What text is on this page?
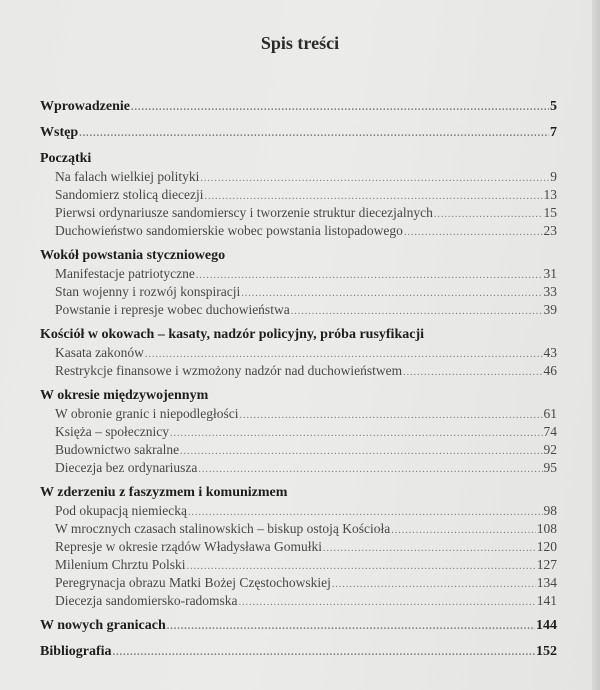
Spis treści
Wprowadzenie .....	5
Wstęp .....	7
Początki
Na falach wielkiej polityki .....	9
Sandomierz stolicą diecezji .....	13
Pierwsi ordynariusze sandomierscy i tworzenie struktur diecezjalnych .....	15
Duchowieństwo sandomierskie wobec powstania listopadowego .....	23
Wokół powstania styczniowego
Manifestacje patriotyczne .....	31
Stan wojenny i rozwój konspiracji .....	33
Powstanie i represje wobec duchowieństwa .....	39
Kościół w okowach – kasaty, nadzór policyjny, próba rusyfikacji
Kasata zakonów .....	43
Restrykcje finansowe i wzmożony nadzór nad duchowieństwem .....	46
W okresie międzywojennym
W obronie granic i niepodległości .....	61
Księża – społecznicy .....	74
Budownictwo sakralne .....	92
Diecezja bez ordynariusza .....	95
W zderzeniu z faszyzmem i komunizmem
Pod okupacją niemiecką .....	98
W mrocznych czasach stalinowskich – biskup ostoją Kościoła .....	108
Represje w okresie rządów Władysława Gomułki .....	120
Milenium Chrztu Polski .....	127
Peregrynacja obrazu Matki Bożej Częstochowskiej .....	134
Diecezja sandomiersko-radomska .....	141
W nowych granicach .....	144
Bibliografia .....	152
